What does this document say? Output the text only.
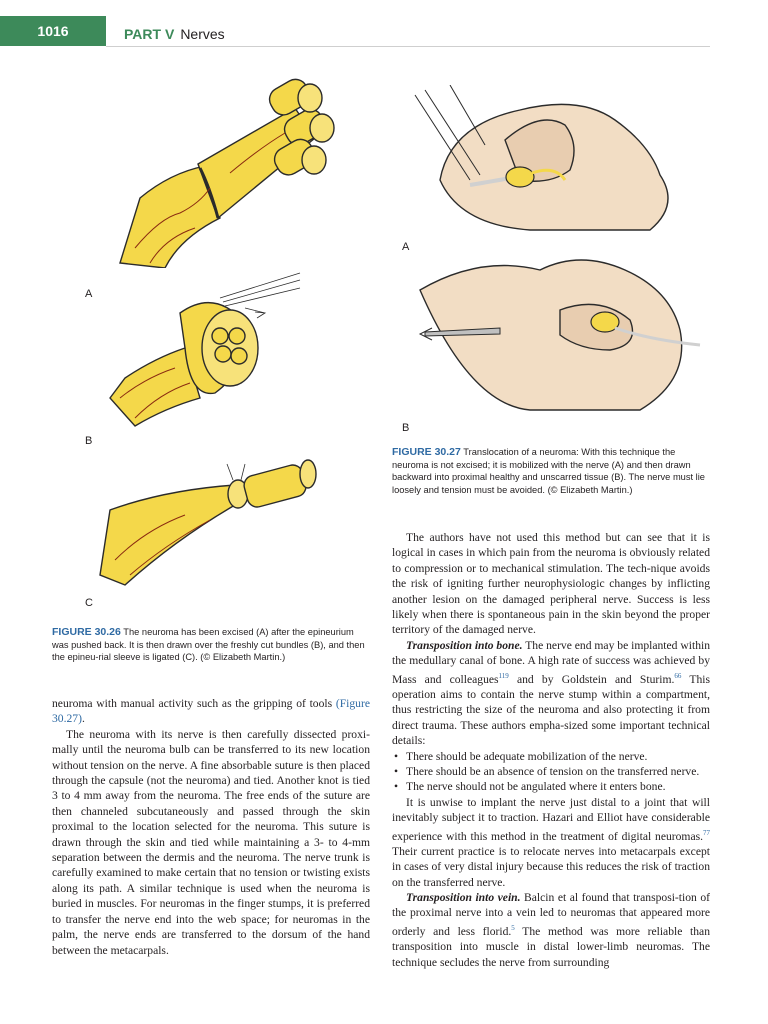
1016	PART V Nerves
A
B
C
FIGURE 30.26 The neuroma has been excised (A) after the epineurium was pushed back. It is then drawn over the freshly cut bundles (B), and then the epineu-rial sleeve is ligated (C). (© Elizabeth Martin.)
A
B
FIGURE 30.27 Translocation of a neuroma: With this technique the neuroma is not excised; it is mobilized with the nerve (A) and then drawn backward into proximal healthy and unscarred tissue (B). The nerve must lie loosely and tension must be avoided. (© Elizabeth Martin.)

neuroma with manual activity such as the gripping of tools (Figure 30.27).

The neuroma with its nerve is then carefully dissected proxi-mally until the neuroma bulb can be transferred to its new location without tension on the nerve. A fine absorbable suture is then placed through the capsule (not the neuroma) and tied. Another knot is tied 3 to 4 mm away from the neuroma. The free ends of the suture are then channeled subcutaneously and passed through the skin proximal to the location selected for the neuroma. This suture is drawn through the skin and tied while maintaining a 3- to 4-mm separation between the dermis and the neuroma. The nerve trunk is carefully examined to make certain that no tension or twisting exists along its path. A similar technique is used when the neuroma is buried in muscles. For neuromas in the finger stumps, it is preferred to transfer the nerve end into the web space; for neuromas in the palm, the nerve ends are transferred to the dorsum of the hand between the metacarpals.

The authors have not used this method but can see that it is logical in cases in which pain from the neuroma is obviously related to compression or to mechanical stimulation. The tech-nique avoids the risk of igniting further neurophysiologic changes by inflicting another lesion on the damaged peripheral nerve. Success is less likely when there is spontaneous pain in the skin beyond the proper territory of the damaged nerve.

Transposition into bone. The nerve end may be implanted within the medullary canal of bone. A high rate of success was achieved by Mass and colleagues$^{119}$ and by Goldstein and Sturim.$^{66}$ This operation aims to contain the nerve stump within a compartment, thus restricting the size of the neuroma and also protecting it from direct trauma. These authors empha-sized some important technical details:

• There should be adequate mobilization of the nerve.
• There should be an absence of tension on the transferred nerve.
• The nerve should not be angulated where it enters bone.

It is unwise to implant the nerve just distal to a joint that will inevitably subject it to traction. Hazari and Elliot have considerable experience with this method in the treatment of digital neuromas.$^{77}$ Their current practice is to relocate nerves into metacarpals except in cases of very distal injury because this reduces the risk of traction on the transferred nerve.

Transposition into vein. Balcin et al found that transposi-tion of the proximal nerve into a vein led to neuromas that appeared more orderly and less florid.$^5$ The method was more reliable than transposition into muscle in distal lower-limb neuromas. The technique secludes the nerve from surrounding
